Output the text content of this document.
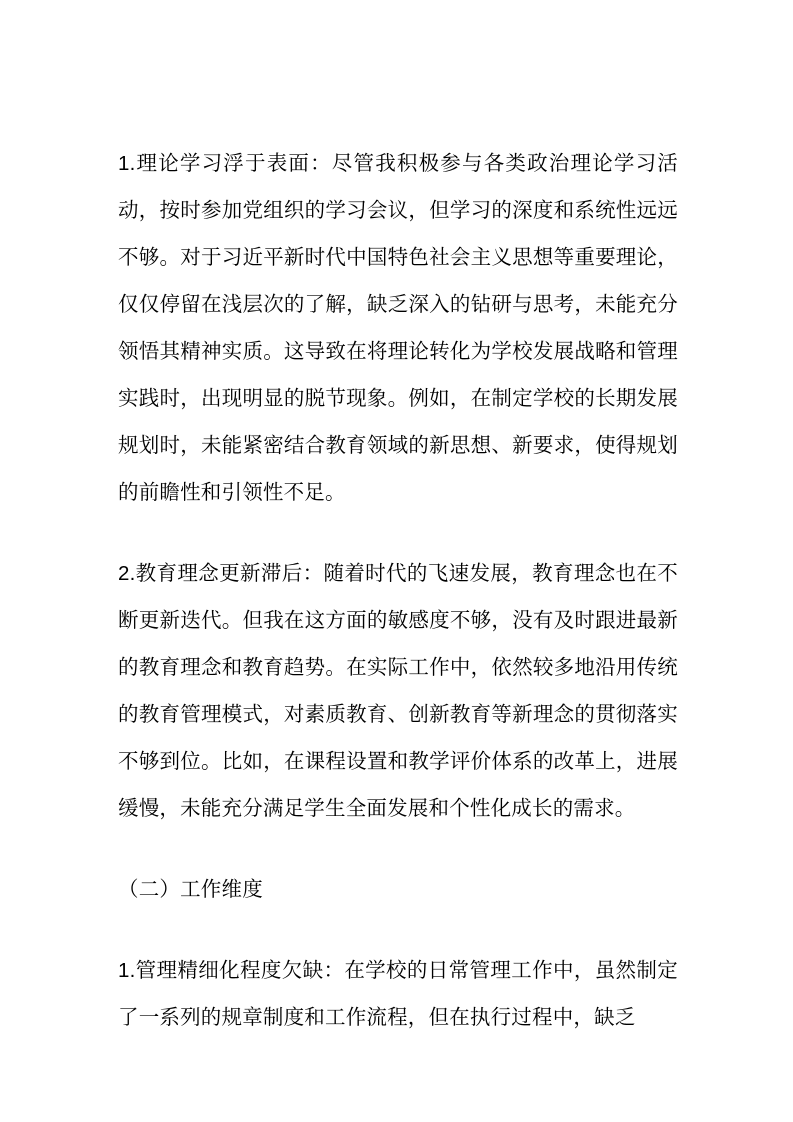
1.理论学习浮于表面：尽管我积极参与各类政治理论学习活动，按时参加党组织的学习会议，但学习的深度和系统性远远不够。对于习近平新时代中国特色社会主义思想等重要理论，仅仅停留在浅层次的了解，缺乏深入的钻研与思考，未能充分领悟其精神实质。这导致在将理论转化为学校发展战略和管理实践时，出现明显的脱节现象。例如，在制定学校的长期发展规划时，未能紧密结合教育领域的新思想、新要求，使得规划的前瞻性和引领性不足。

2.教育理念更新滞后：随着时代的飞速发展，教育理念也在不断更新迭代。但我在这方面的敏感度不够，没有及时跟进最新的教育理念和教育趋势。在实际工作中，依然较多地沿用传统的教育管理模式，对素质教育、创新教育等新理念的贯彻落实不够到位。比如，在课程设置和教学评价体系的改革上，进展缓慢，未能充分满足学生全面发展和个性化成长的需求。

（二）工作维度

1.管理精细化程度欠缺：在学校的日常管理工作中，虽然制定了一系列的规章制度和工作流程，但在执行过程中，缺乏
